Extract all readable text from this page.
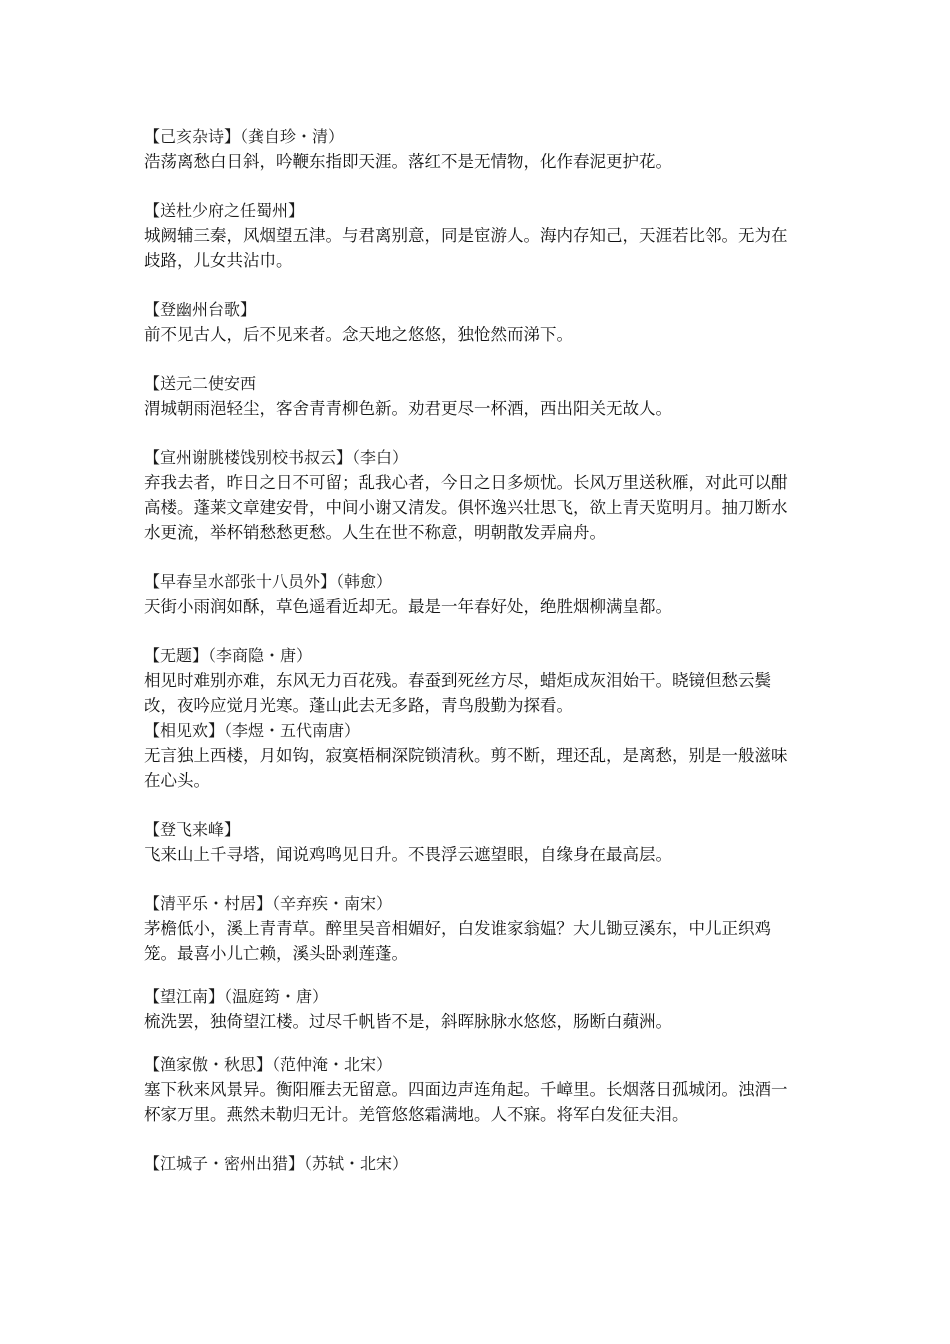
【己亥杂诗】（龚自珍・清）
浩荡离愁白日斜，吟鞭东指即天涯。落红不是无情物，化作春泥更护花。
【送杜少府之任蜀州】
城阙辅三秦，风烟望五津。与君离别意，同是宦游人。海内存知己，天涯若比邻。无为在歧路，儿女共沾巾。
【登幽州台歌】
前不见古人，后不见来者。念天地之悠悠，独怆然而涕下。
【送元二使安西
渭城朝雨浥轻尘，客舍青青柳色新。劝君更尽一杯酒，西出阳关无故人。
【宣州谢朓楼饯别校书叔云】（李白）
弃我去者，昨日之日不可留；乱我心者，今日之日多烦忧。长风万里送秋雁，对此可以酣高楼。蓬莱文章建安骨，中间小谢又清发。俱怀逸兴壮思飞，欲上青天览明月。抽刀断水水更流，举杯销愁愁更愁。人生在世不称意，明朝散发弄扁舟。
【早春呈水部张十八员外】（韩愈）
天街小雨润如酥，草色遥看近却无。最是一年春好处，绝胜烟柳满皇都。
【无题】（李商隐・唐）
相见时难别亦难，东风无力百花残。春蚕到死丝方尽，蜡炬成灰泪始干。晓镜但愁云鬓改，夜吟应觉月光寒。蓬山此去无多路，青鸟殷勤为探看。
【相见欢】（李煜・五代南唐）
无言独上西楼，月如钩，寂寞梧桐深院锁清秋。剪不断，理还乱，是离愁，别是一般滋味在心头。
【登飞来峰】
飞来山上千寻塔，闻说鸡鸣见日升。不畏浮云遮望眼，自缘身在最高层。
【清平乐・村居】（辛弃疾・南宋）
茅檐低小，溪上青青草。醉里吴音相媚好，白发谁家翁媪？大儿锄豆溪东，中儿正织鸡笼。最喜小儿亡赖，溪头卧剥莲蓬。
【望江南】（温庭筠・唐）
梳洗罢，独倚望江楼。过尽千帆皆不是，斜晖脉脉水悠悠，肠断白蘋洲。
【渔家傲・秋思】（范仲淹・北宋）
塞下秋来风景异。衡阳雁去无留意。四面边声连角起。千嶂里。长烟落日孤城闭。浊酒一杯家万里。燕然未勒归无计。羌管悠悠霜满地。人不寐。将军白发征夫泪。
【江城子・密州出猎】（苏轼・北宋）
